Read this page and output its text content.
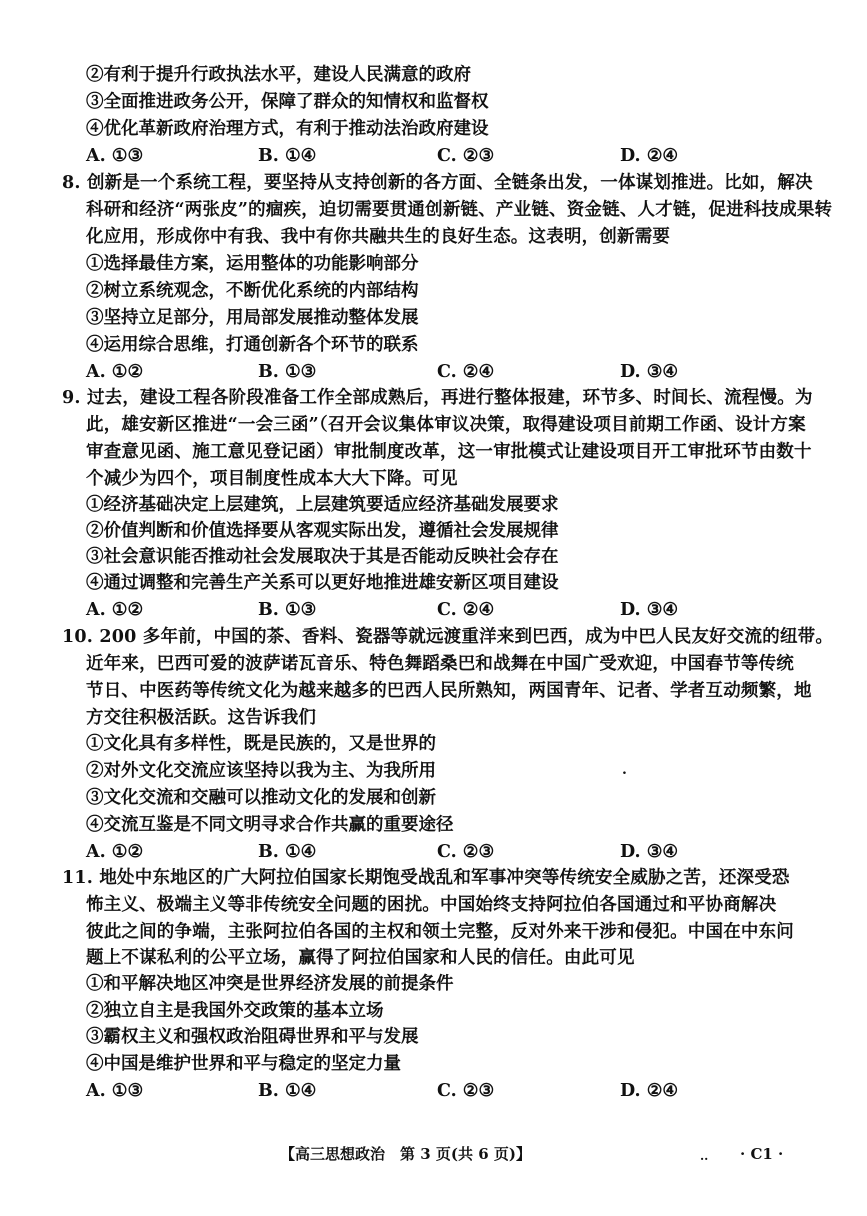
②有利于提升行政执法水平，建设人民满意的政府
③全面推进政务公开，保障了群众的知情权和监督权
④优化革新政府治理方式，有利于推动法治政府建设
A. ①③	B. ①④	C. ②③	D. ②④
8. 创新是一个系统工程，要坚持从支持创新的各方面、全链条出发，一体谋划推进。比如，解决
科研和经济“两张皮”的痼疾，迫切需要贯通创新链、产业链、资金链、人才链，促进科技成果转
化应用，形成你中有我、我中有你共融共生的良好生态。这表明，创新需要
①选择最佳方案，运用整体的功能影响部分
②树立系统观念，不断优化系统的内部结构
③坚持立足部分，用局部发展推动整体发展
④运用综合思维，打通创新各个环节的联系
A. ①②	B. ①③	C. ②④	D. ③④
9. 过去，建设工程各阶段准备工作全部成熟后，再进行整体报建，环节多、时间长、流程慢。为
此，雄安新区推进“一会三函”（召开会议集体审议决策，取得建设项目前期工作函、设计方案
审查意见函、施工意见登记函）审批制度改革，这一审批模式让建设项目开工审批环节由数十
个减少为四个，项目制度性成本大大下降。可见
①经济基础决定上层建筑，上层建筑要适应经济基础发展要求
②价值判断和价值选择要从客观实际出发，遵循社会发展规律
③社会意识能否推动社会发展取决于其是否能动反映社会存在
④通过调整和完善生产关系可以更好地推进雄安新区项目建设
A. ①②	B. ①③	C. ②④	D. ③④
10. 200 多年前，中国的茶、香料、瓷器等就远渡重洋来到巴西，成为中巴人民友好交流的纽带。
近年来，巴西可爱的波萨诺瓦音乐、特色舞蹈桑巴和战舞在中国广受欢迎，中国春节等传统
节日、中医药等传统文化为越来越多的巴西人民所熟知，两国青年、记者、学者互动频繁，地
方交往积极活跃。这告诉我们
①文化具有多样性，既是民族的，又是世界的
②对外文化交流应该坚持以我为主、为我所用	.
③文化交流和交融可以推动文化的发展和创新
④交流互鉴是不同文明寻求合作共赢的重要途径
A. ①②	B. ①④	C. ②③	D. ③④
11. 地处中东地区的广大阿拉伯国家长期饱受战乱和军事冲突等传统安全威胁之苦，还深受恐
怖主义、极端主义等非传统安全问题的困扰。中国始终支持阿拉伯各国通过和平协商解决
彼此之间的争端，主张阿拉伯各国的主权和领土完整，反对外来干涉和侵犯。中国在中东问
题上不谋私利的公平立场，赢得了阿拉伯国家和人民的信任。由此可见
①和平解决地区冲突是世界经济发展的前提条件
②独立自主是我国外交政策的基本立场
③霸权主义和强权政治阻碍世界和平与发展
④中国是维护世界和平与稳定的坚定力量
A. ①③	B. ①④	C. ②③	D. ②④
【高三思想政治　第 3 页(共 6 页)】	.. · C1 ·
